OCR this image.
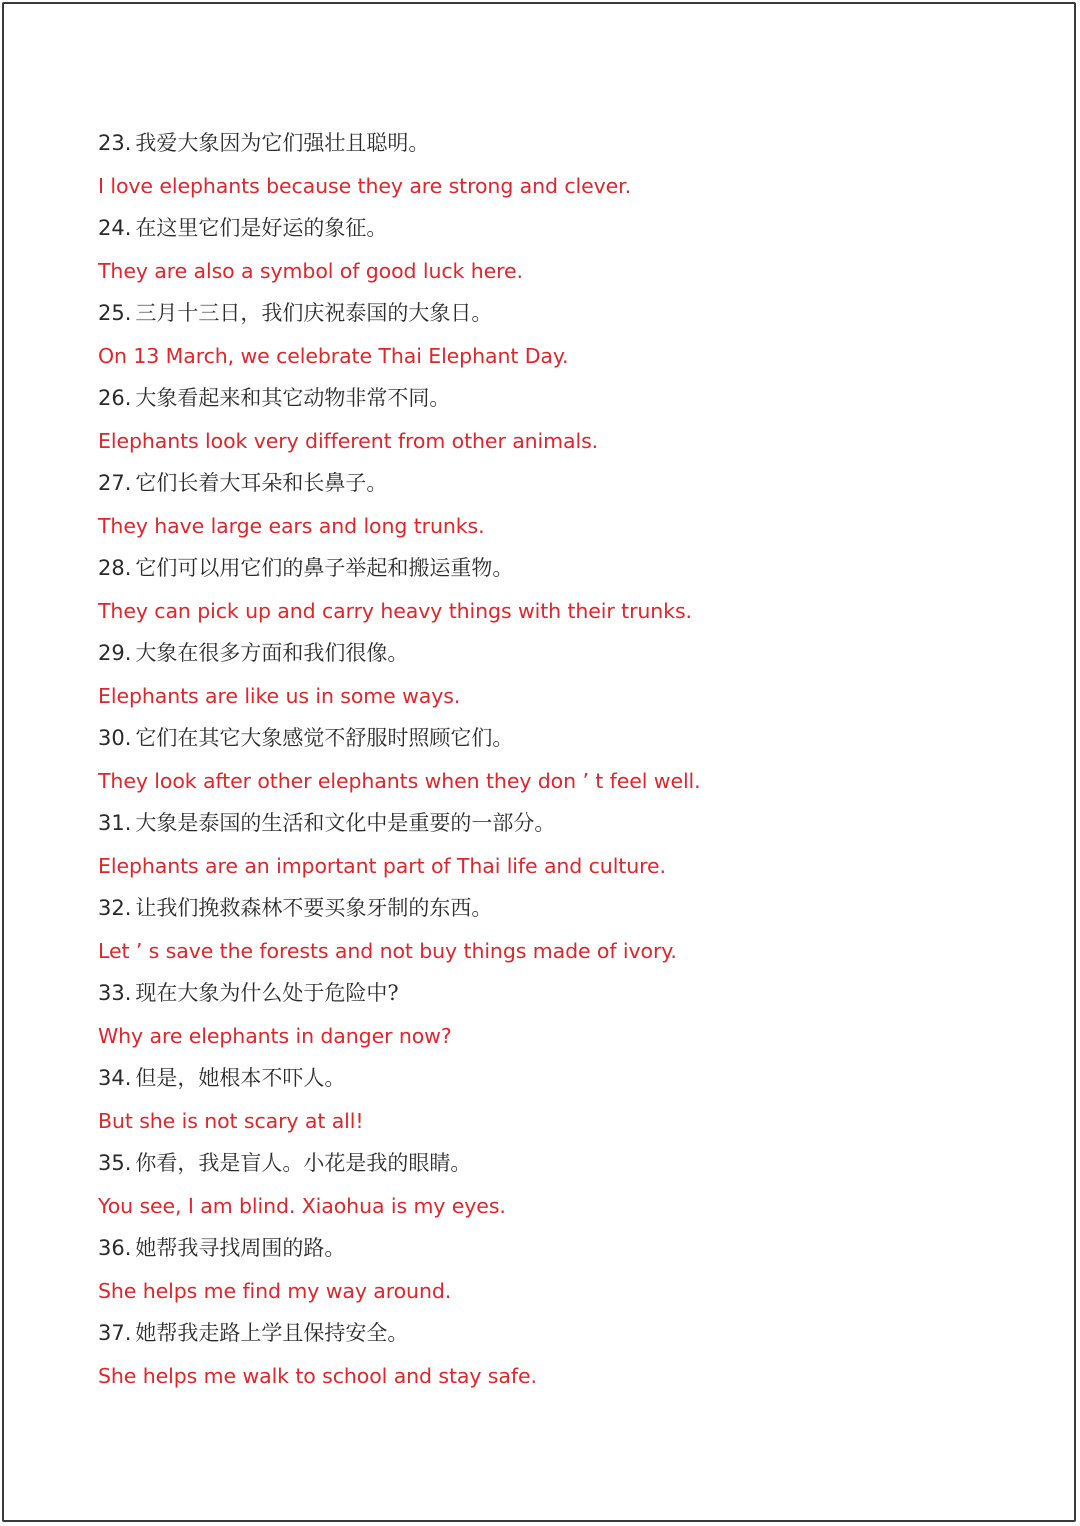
23. 我爱大象因为它们强壮且聪明。
I love elephants because they are strong and clever.
24. 在这里它们是好运的象征。
They are also a symbol of good luck here.
25. 三月十三日，我们庆祝泰国的大象日。
On 13 March, we celebrate Thai Elephant Day.
26. 大象看起来和其它动物非常不同。
Elephants look very different from other animals.
27. 它们长着大耳朵和长鼻子。
They have large ears and long trunks.
28. 它们可以用它们的鼻子举起和搬运重物。
They can pick up and carry heavy things with their trunks.
29. 大象在很多方面和我们很像。
Elephants are like us in some ways.
30. 它们在其它大象感觉不舒服时照顾它们。
They look after other elephants when they don ’ t feel well.
31. 大象是泰国的生活和文化中是重要的一部分。
Elephants are an important part of Thai life and culture.
32. 让我们挽救森林不要买象牙制的东西。
Let ’ s save the forests and not buy things made of ivory.
33. 现在大象为什么处于危险中?
Why are elephants in danger now?
34. 但是，她根本不吓人。
But she is not scary at all!
35. 你看，我是盲人。小花是我的眼睛。
You see, I am blind. Xiaohua is my eyes.
36. 她帮我寻找周围的路。
She helps me find my way around.
37. 她帮我走路上学且保持安全。
She helps me walk to school and stay safe.
